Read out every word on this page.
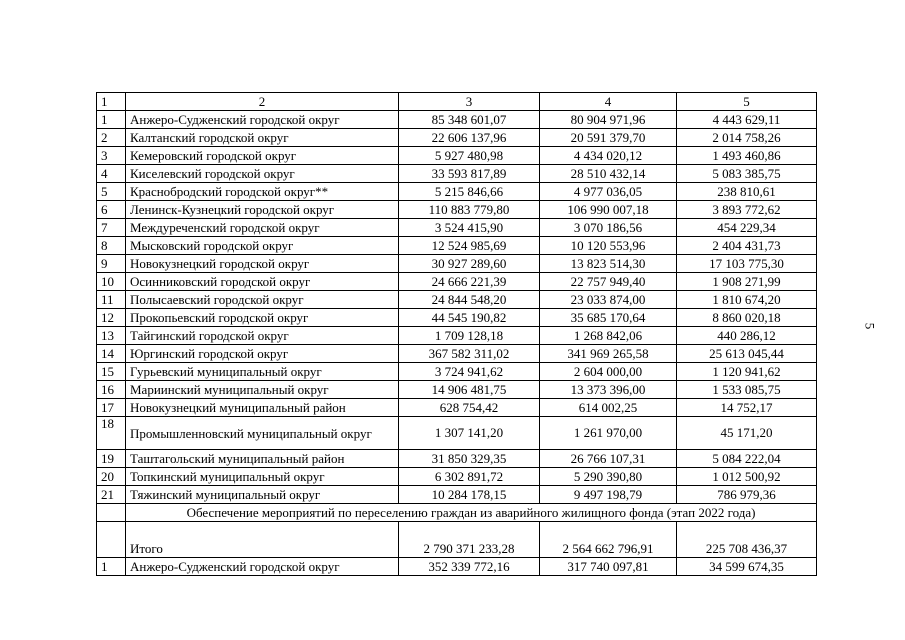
1	2	3	4	5
1	Анжеро-Судженский городской округ	85 348 601,07	80 904 971,96	4 443 629,11
2	Калтанский городской округ	22 606 137,96	20 591 379,70	2 014 758,26
3	Кемеровский городской округ	5 927 480,98	4 434 020,12	1 493 460,86
4	Киселевский городской округ	33 593 817,89	28 510 432,14	5 083 385,75
5	Краснобродский городской округ**	5 215 846,66	4 977 036,05	238 810,61
6	Ленинск-Кузнецкий городской округ	110 883 779,80	106 990 007,18	3 893 772,62
7	Междуреченский городской округ	3 524 415,90	3 070 186,56	454 229,34
8	Мысковский городской округ	12 524 985,69	10 120 553,96	2 404 431,73
9	Новокузнецкий городской округ	30 927 289,60	13 823 514,30	17 103 775,30
10	Осинниковский городской округ	24 666 221,39	22 757 949,40	1 908 271,99
11	Полысаевский городской округ	24 844 548,20	23 033 874,00	1 810 674,20
12	Прокопьевский городской округ	44 545 190,82	35 685 170,64	8 860 020,18
13	Тайгинский городской округ	1 709 128,18	1 268 842,06	440 286,12
14	Юргинский городской округ	367 582 311,02	341 969 265,58	25 613 045,44
15	Гурьевский муниципальный округ	3 724 941,62	2 604 000,00	1 120 941,62
16	Мариинский муниципальный округ	14 906 481,75	13 373 396,00	1 533 085,75
17	Новокузнецкий муниципальный район	628 754,42	614 002,25	14 752,17
18	Промышленновский муниципальный округ	1 307 141,20	1 261 970,00	45 171,20
19	Таштагольский муниципальный район	31 850 329,35	26 766 107,31	5 084 222,04
20	Топкинский муниципальный округ	6 302 891,72	5 290 390,80	1 012 500,92
21	Тяжинский муниципальный округ	10 284 178,15	9 497 198,79	786 979,36
	Обеспечение мероприятий по переселению граждан из аварийного жилищного фонда (этап 2022 года)			
	Итого	2 790 371 233,28	2 564 662 796,91	225 708 436,37
1	Анжеро-Судженский городской округ	352 339 772,16	317 740 097,81	34 599 674,35
5
